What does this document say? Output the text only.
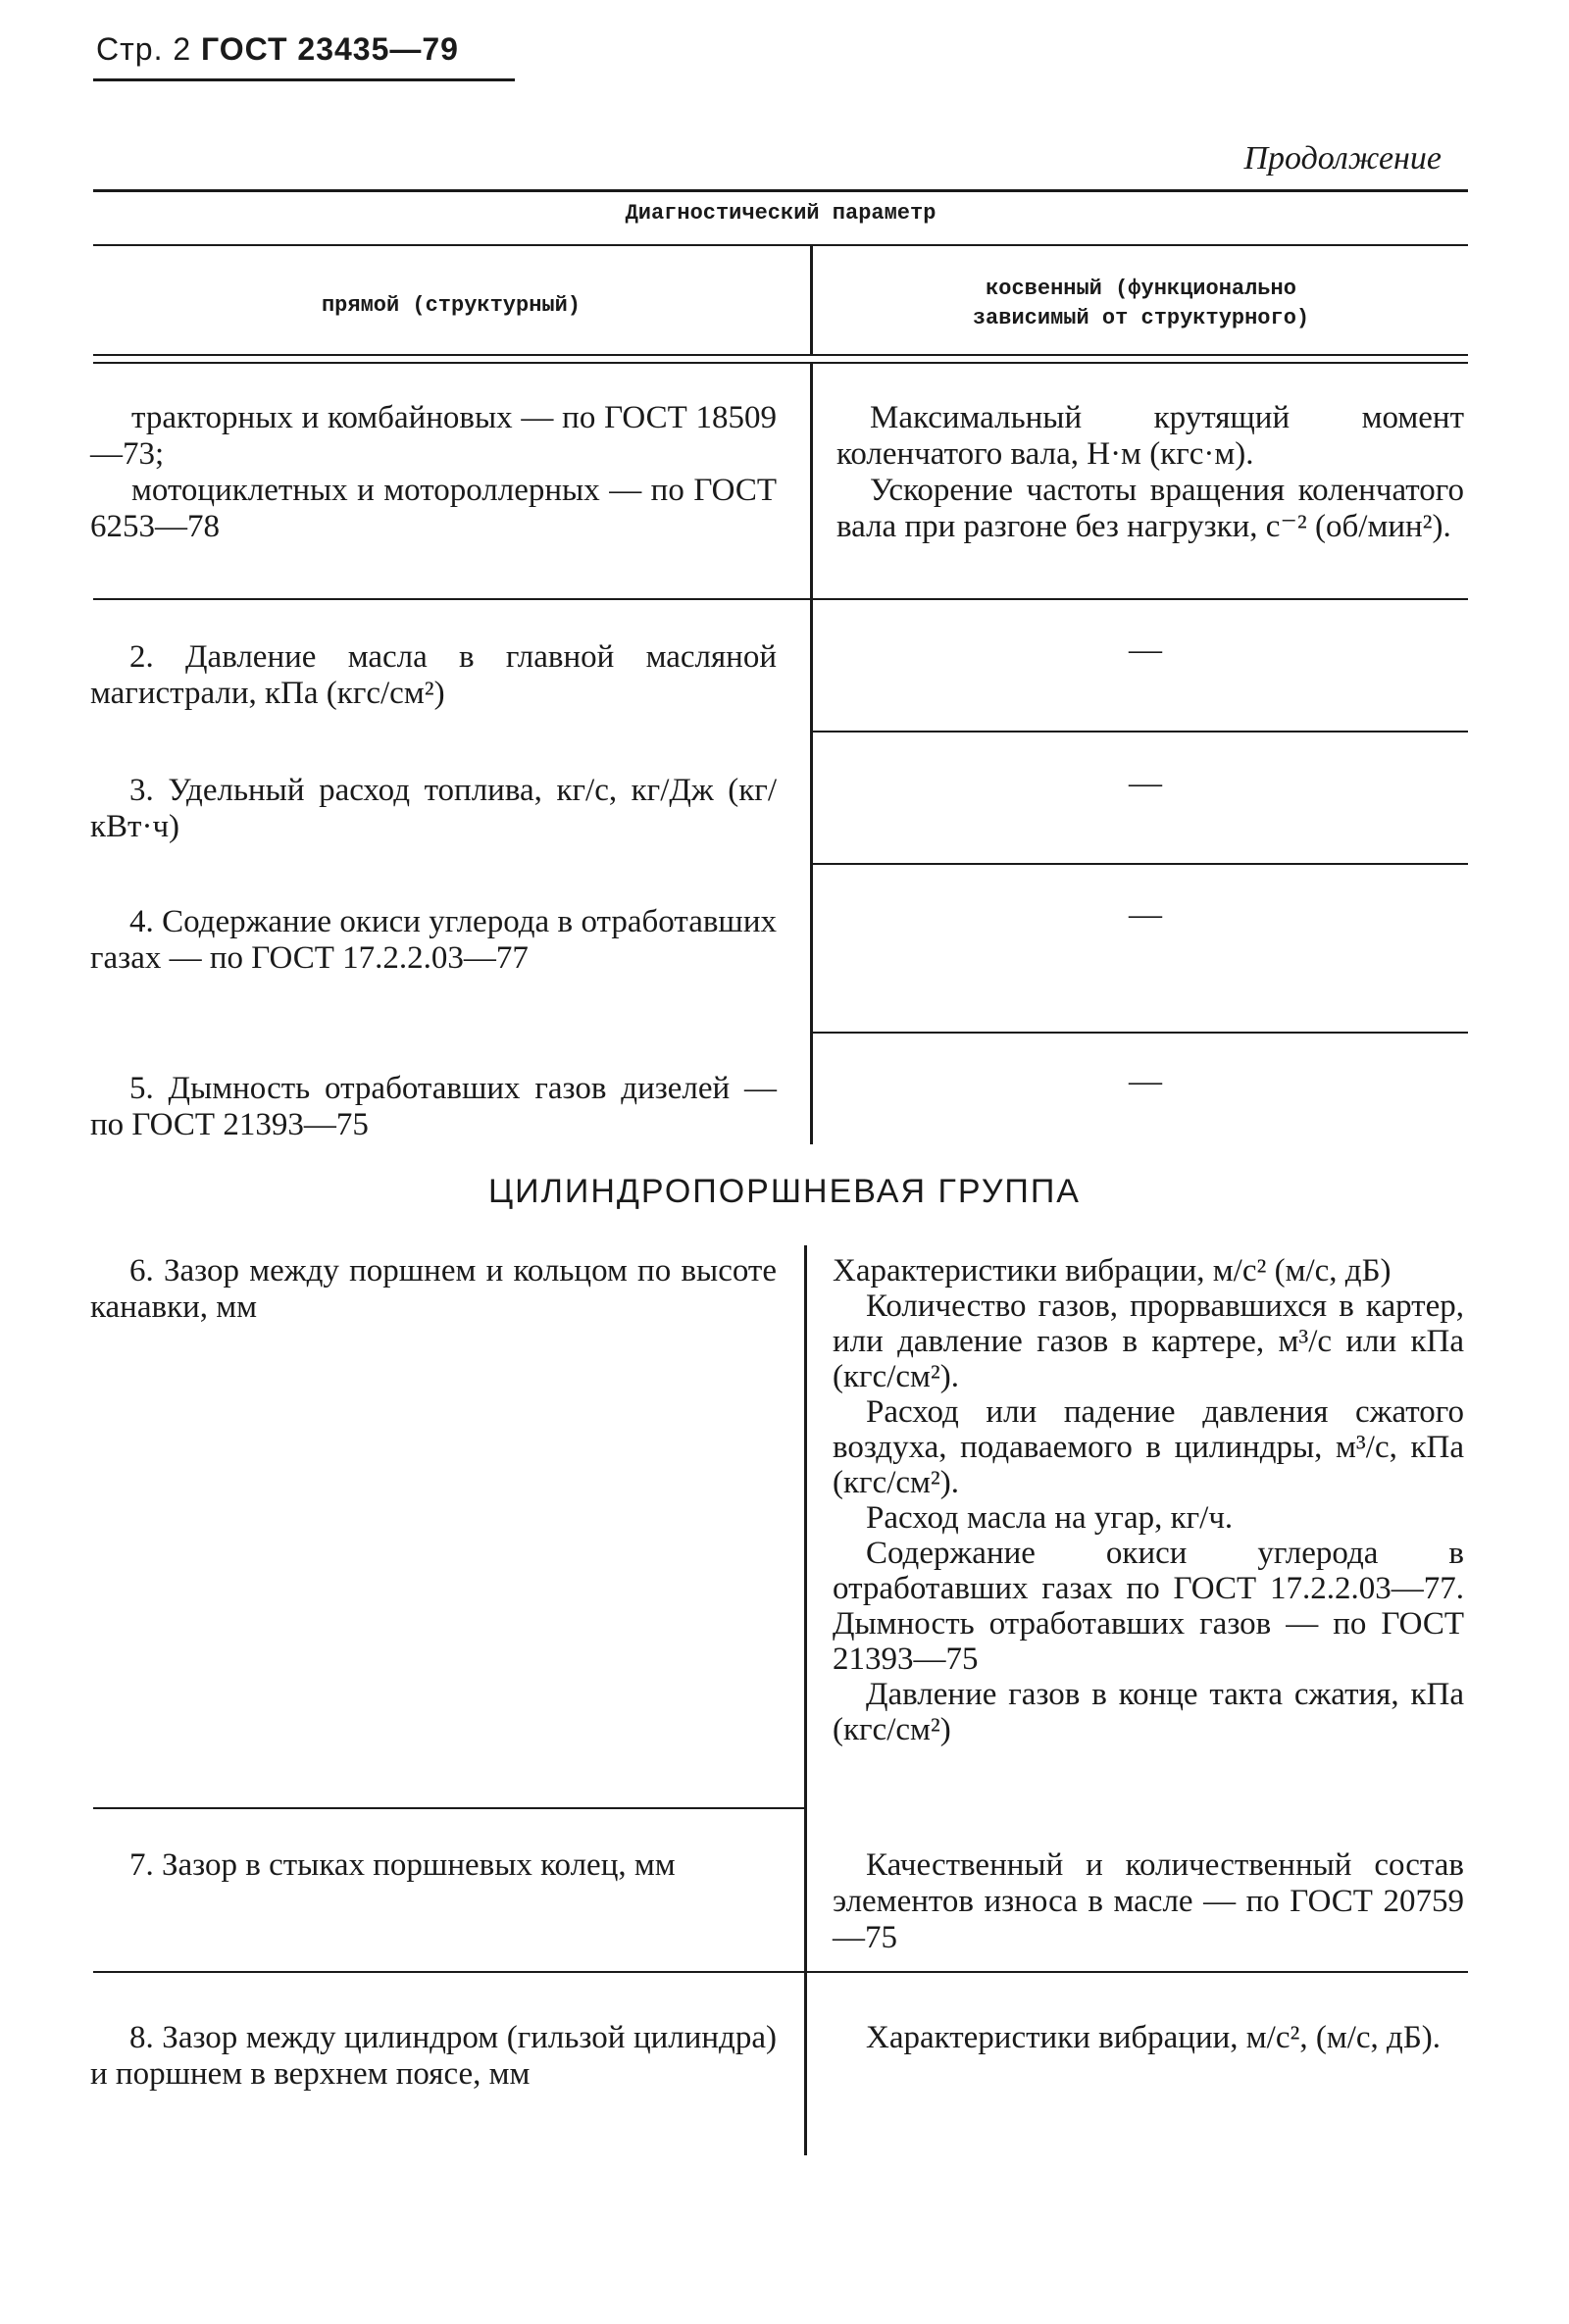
Стр. 2 ГОСТ 23435—79
Продолжение
Диагностический параметр
прямой (структурный)
косвенный (функционально
зависимый от структурного)

тракторных и комбайновых — по ГОСТ 18509—73;

мотоциклетных и мотороллерных — по ГОСТ 6253—78

Максимальный крутящий момент коленчатого вала, Н·м (кгс·м).

Ускорение частоты вращения коленчатого вала при разгоне без нагрузки, с⁻² (об/мин²).

2. Давление масла в главной масляной магистрали, кПа (кгс/см²)

—

3. Удельный расход топлива, кг/с, кг/Дж (кг/кВт·ч)

—

4. Содержание окиси углерода в отработавших газах — по ГОСТ 17.2.2.03—77

—

5. Дымность отработавших газов дизелей — по ГОСТ 21393—75

—
ЦИЛИНДРОПОРШНЕВАЯ ГРУППА

6. Зазор между поршнем и кольцом по высоте канавки, мм

Характеристики вибрации, м/с² (м/с, дБ)

Количество газов, прорвавшихся в картер, или давление газов в картере, м³/с или кПа (кгс/см²).

Расход или падение давления сжатого воздуха, подаваемого в цилиндры, м³/с, кПа (кгс/см²).

Расход масла на угар, кг/ч.

Содержание окиси углерода в отработавших газах по ГОСТ 17.2.2.03—77. Дымность отработавших газов — по ГОСТ 21393—75

Давление газов в конце такта сжатия, кПа (кгс/см²)

7. Зазор в стыках поршневых колец, мм	Качественный и количественный состав элементов износа в масле — по ГОСТ 20759—75

8. Зазор между цилиндром (гильзой цилиндра) и поршнем в верхнем поясе, мм

Характеристики вибрации, м/с², (м/с, дБ).
